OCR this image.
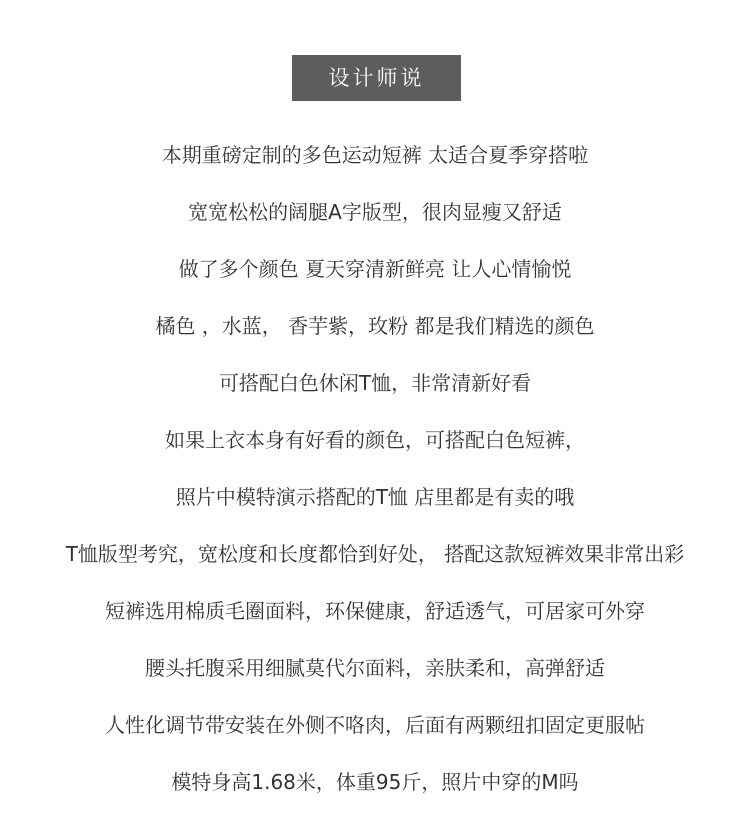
设计师说
本期重磅定制的多色运动短裤 太适合夏季穿搭啦
宽宽松松的阔腿A字版型，很肉显瘦又舒适
做了多个颜色 夏天穿清新鲜亮 让人心情愉悦
橘色 ，水蓝， 香芋紫，玫粉 都是我们精选的颜色
可搭配白色休闲T恤，非常清新好看
如果上衣本身有好看的颜色，可搭配白色短裤，
照片中模特演示搭配的T恤 店里都是有卖的哦
T恤版型考究，宽松度和长度都恰到好处， 搭配这款短裤效果非常出彩
短裤选用棉质毛圈面料，环保健康，舒适透气，可居家可外穿
腰头托腹采用细腻莫代尔面料，亲肤柔和，高弹舒适
人性化调节带安装在外侧不咯肉，后面有两颗纽扣固定更服帖
模特身高1.68米，体重95斤，照片中穿的M吗
